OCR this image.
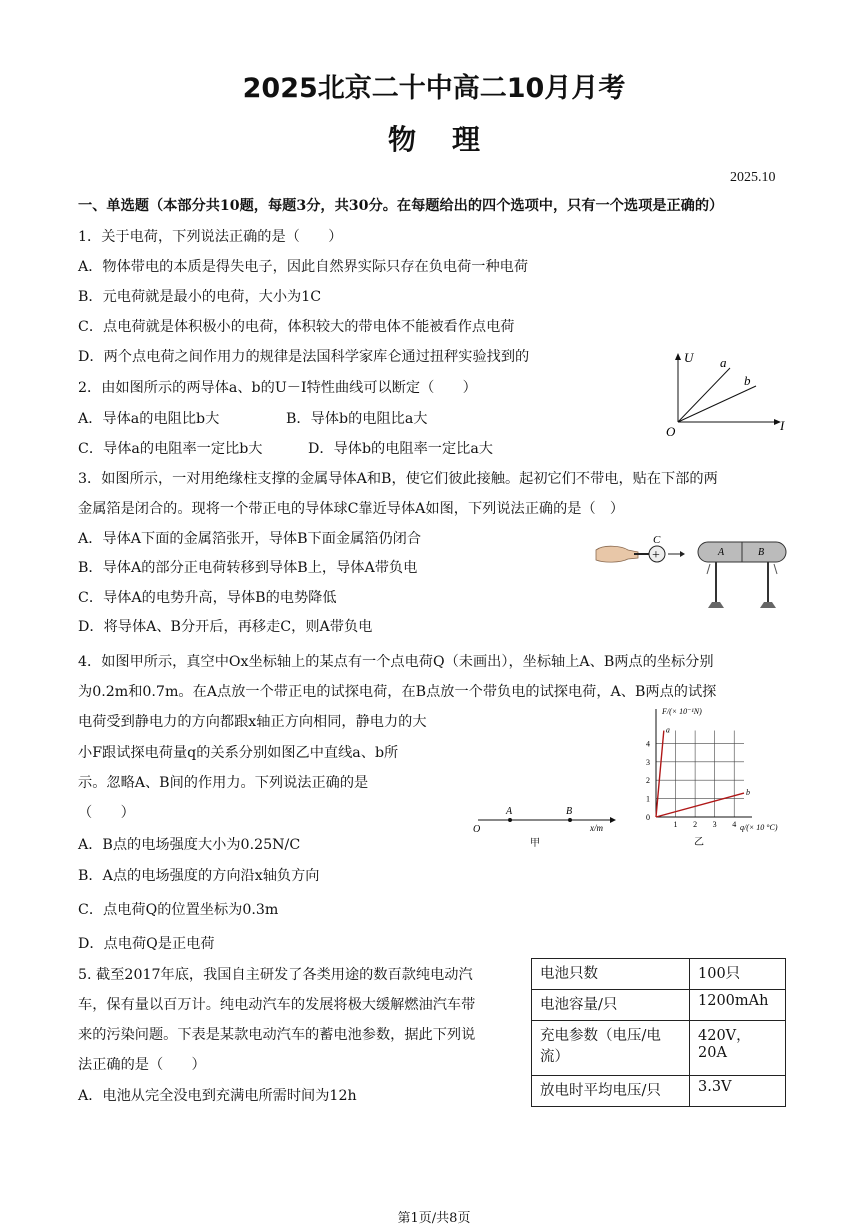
2025北京二十中高二10月月考
物理
2025.10
一、单选题（本部分共10题，每题3分，共30分。在每题给出的四个选项中，只有一个选项是正确的）
1．关于电荷，下列说法正确的是（　　）
A．物体带电的本质是得失电子，因此自然界实际只存在负电荷一种电荷
B．元电荷就是最小的电荷，大小为1C
C．点电荷就是体积极小的电荷，体积较大的带电体不能被看作点电荷
D．两个点电荷之间作用力的规律是法国科学家库仑通过扭秤实验找到的
2．由如图所示的两导体a、b的U－I特性曲线可以断定（　　）
A．导体a的电阻比b大	B．导体b的电阻比a大
C．导体a的电阻率一定比b大	D．导体b的电阻率一定比a大
U
I
O
a
b
3．如图所示，一对用绝缘柱支撑的金属导体A和B，使它们彼此接触。起初它们不带电，贴在下部的两
金属箔是闭合的。现将一个带正电的导体球C靠近导体A如图，下列说法正确的是（　）
A．导体A下面的金属箔张开，导体B下面金属箔仍闭合
B．导体A的部分正电荷转移到导体B上，导体A带负电
C．导体A的电势升高，导体B的电势降低
D．将导体A、B分开后，再移走C，则A带负电
+
C
A	B
4．如图甲所示，真空中Ox坐标轴上的某点有一个点电荷Q（未画出），坐标轴上A、B两点的坐标分别
为0.2m和0.7m。在A点放一个带正电的试探电荷，在B点放一个带负电的试探电荷，A、B两点的试探
电荷受到静电力的方向都跟x轴正方向相同，静电力的大
小F跟试探电荷量q的关系分别如图乙中直线a、b所
示。忽略A、B间的作用力。下列说法正确的是
（　　）
A．B点的电场强度大小为0.25N/C
B．A点的电场强度的方向沿x轴负方向
C．点电荷Q的位置坐标为0.3m
D．点电荷Q是正电荷
O
A	B
x/m
甲
F/(× 10⁻¹N)
q/(× 10 °C)
乙
4
3
2
1
0
1 2 3 4
a
b
5. 截至2017年底，我国自主研发了各类用途的数百款纯电动汽
车，保有量以百万计。纯电动汽车的发展将极大缓解燃油汽车带
来的污染问题。下表是某款电动汽车的蓄电池参数，据此下列说
法正确的是（　　）
A．电池从完全没电到充满电所需时间为12h
电池只数	100只
电池容量/只	1200mAh
充电参数（电压/电流）	420V，20A
放电时平均电压/只	3.3V
第1页/共8页
